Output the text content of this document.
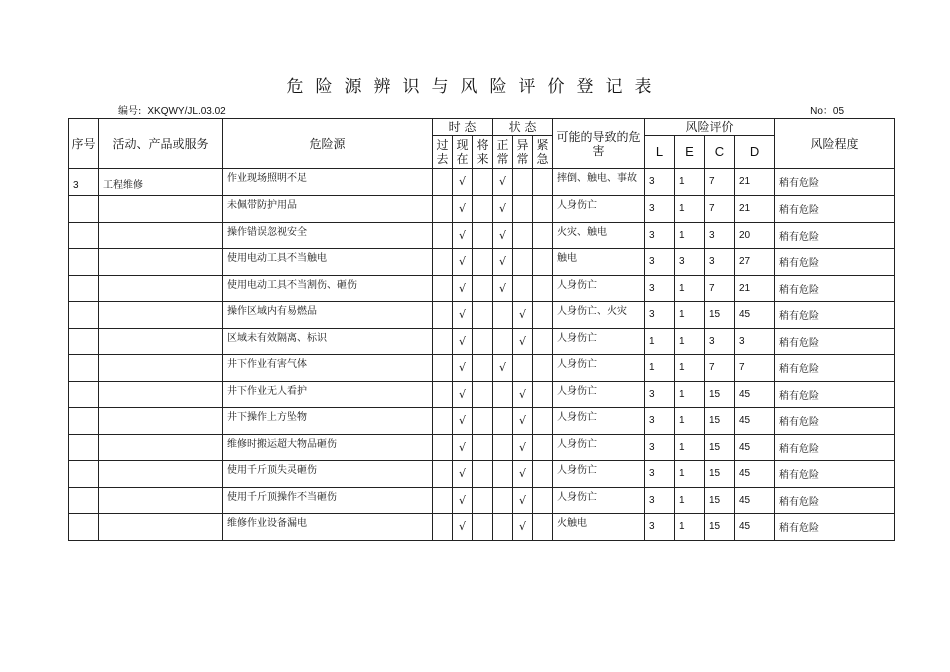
危险源辨识与风险评价登记表
编号: XKQWY/JL.03.02	No：05
序号	活动、产品或服务	危险源	时 态			状 态			可能的导致的危害	风险评价				风险程度
			过去	现在	将来	正常	异常	紧急		L	E	C	D	
3	工程维修	作业现场照明不足		√		√			摔倒、触电、事故	3	1	7	21	稍有危险
		未佩带防护用品		√		√			人身伤亡	3	1	7	21	稍有危险
		操作错误忽视安全		√		√			火灾、触电	3	1	3	20	稍有危险
		使用电动工具不当触电		√		√			触电	3	3	3	27	稍有危险
		使用电动工具不当割伤、砸伤		√		√			人身伤亡	3	1	7	21	稍有危险
		操作区域内有易燃品		√			√		人身伤亡、火灾	3	1	15	45	稍有危险
		区域未有效隔离、标识		√			√		人身伤亡	1	1	3	3	稍有危险
		井下作业有害气体		√		√			人身伤亡	1	1	7	7	稍有危险
		井下作业无人看护		√			√		人身伤亡	3	1	15	45	稍有危险
		井下操作上方坠物		√			√		人身伤亡	3	1	15	45	稍有危险
		维修时搬运超大物品砸伤		√			√		人身伤亡	3	1	15	45	稍有危险
		使用千斤顶失灵砸伤		√			√		人身伤亡	3	1	15	45	稍有危险
		使用千斤顶操作不当砸伤		√			√		人身伤亡	3	1	15	45	稍有危险
		维修作业设备漏电		√			√		火触电	3	1	15	45	稍有危险
